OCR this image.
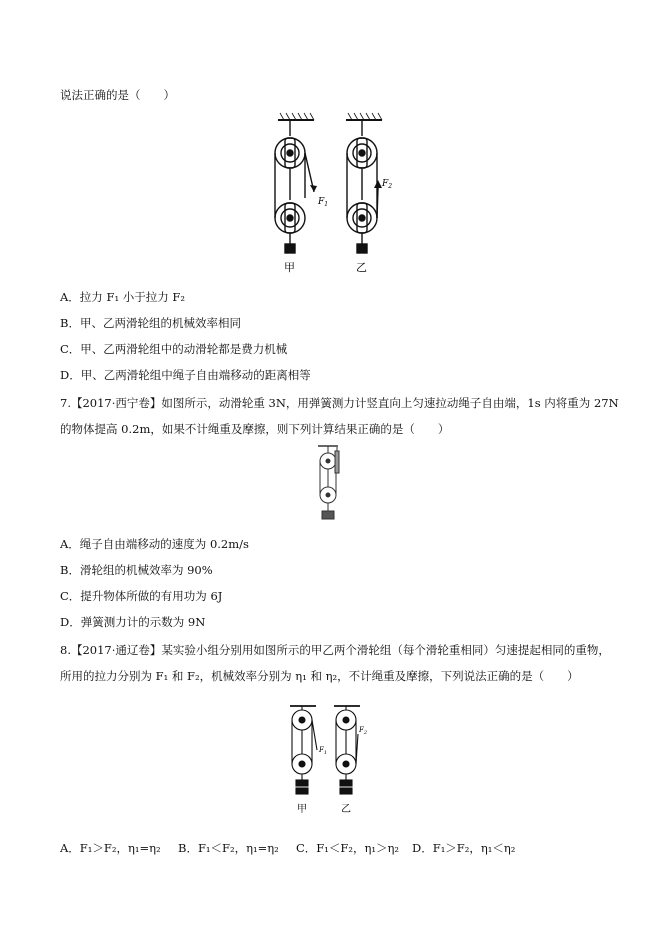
说法正确的是（　　）
$F_1$
$F_2$
甲	乙
A．拉力 F₁ 小于拉力 F₂
B．甲、乙两滑轮组的机械效率相同
C．甲、乙两滑轮组中的动滑轮都是费力机械
D．甲、乙两滑轮组中绳子自由端移动的距离相等
7.【2017·西宁卷】如图所示，动滑轮重 3N，用弹簧测力计竖直向上匀速拉动绳子自由端，1s 内将重为 27N
的物体提高 0.2m，如果不计绳重及摩擦，则下列计算结果正确的是（　　）
A．绳子自由端移动的速度为 0.2m/s
B．滑轮组的机械效率为 90%
C．提升物体所做的有用功为 6J
D．弹簧测力计的示数为 9N
8.【2017·通辽卷】某实验小组分别用如图所示的甲乙两个滑轮组（每个滑轮重相同）匀速提起相同的重物，
所用的拉力分别为 F₁ 和 F₂，机械效率分别为 η₁ 和 η₂，不计绳重及摩擦，下列说法正确的是（　　）
$F_1$
$F_2$
甲	乙
A．F₁＞F₂，η₁=η₂ B．F₁＜F₂，η₁=η₂ C．F₁＜F₂，η₁＞η₂ D．F₁＞F₂，η₁＜η₂
